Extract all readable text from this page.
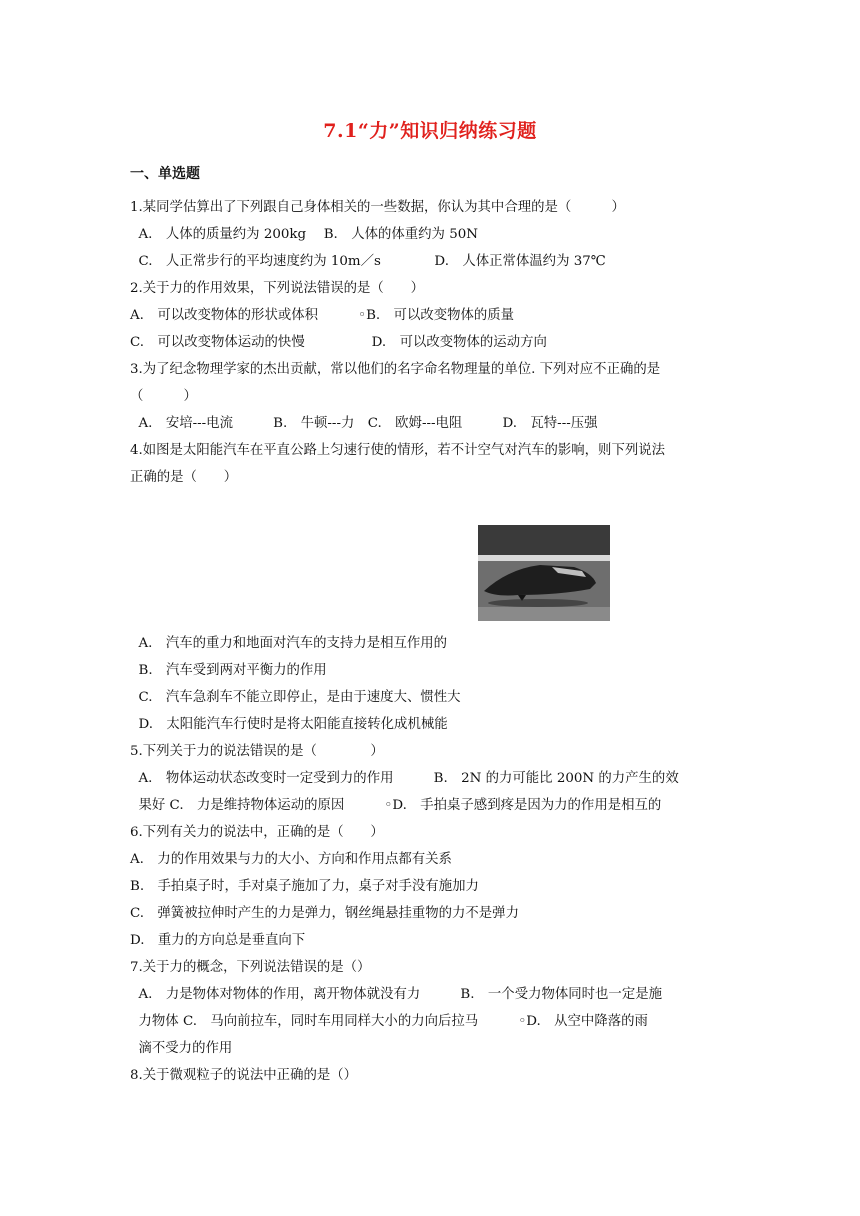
7.1“力”知识归纳练习题
一、单选题
1.某同学估算出了下列跟自己身体相关的一些数据，你认为其中合理的是（　　　）
A.　人体的质量约为 200kg　 B.　人体的体重约为 50N
C.　人正常步行的平均速度约为 10m／s　　　　D.　人体正常体温约为 37℃
2.关于力的作用效果，下列说法错误的是（　　）
A.　可以改变物体的形状或体积　　　◦B.　可以改变物体的质量
C.　可以改变物体运动的快慢　　　　　D.　可以改变物体的运动方向
3.为了纪念物理学家的杰出贡献，常以他们的名字命名物理量的单位. 下列对应不正确的是
（　　　）
A.　安培---电流　　　B.　牛顿---力　C.　欧姆---电阻　　　D.　瓦特---压强
4.如图是太阳能汽车在平直公路上匀速行使的情形，若不计空气对汽车的影响，则下列说法
正确的是（　　）
A.　汽车的重力和地面对汽车的支持力是相互作用的
B.　汽车受到两对平衡力的作用
C.　汽车急刹车不能立即停止，是由于速度大、惯性大
D.　太阳能汽车行使时是将太阳能直接转化成机械能
5.下列关于力的说法错误的是（　　　　）
A.　物体运动状态改变时一定受到力的作用　　　B.　2N 的力可能比 200N 的力产生的效
果好 C.　力是维持物体运动的原因　　　◦D.　手拍桌子感到疼是因为力的作用是相互的
6.下列有关力的说法中，正确的是（　　）
A.　力的作用效果与力的大小、方向和作用点都有关系
B.　手拍桌子时，手对桌子施加了力，桌子对手没有施加力
C.　弹簧被拉伸时产生的力是弹力，钢丝绳悬挂重物的力不是弹力
D.　重力的方向总是垂直向下
7.关于力的概念，下列说法错误的是（）
A.　力是物体对物体的作用，离开物体就没有力　　　B.　一个受力物体同时也一定是施
力物体 C.　马向前拉车，同时车用同样大小的力向后拉马　　　◦D.　从空中降落的雨
滴不受力的作用
8.关于微观粒子的说法中正确的是（）
